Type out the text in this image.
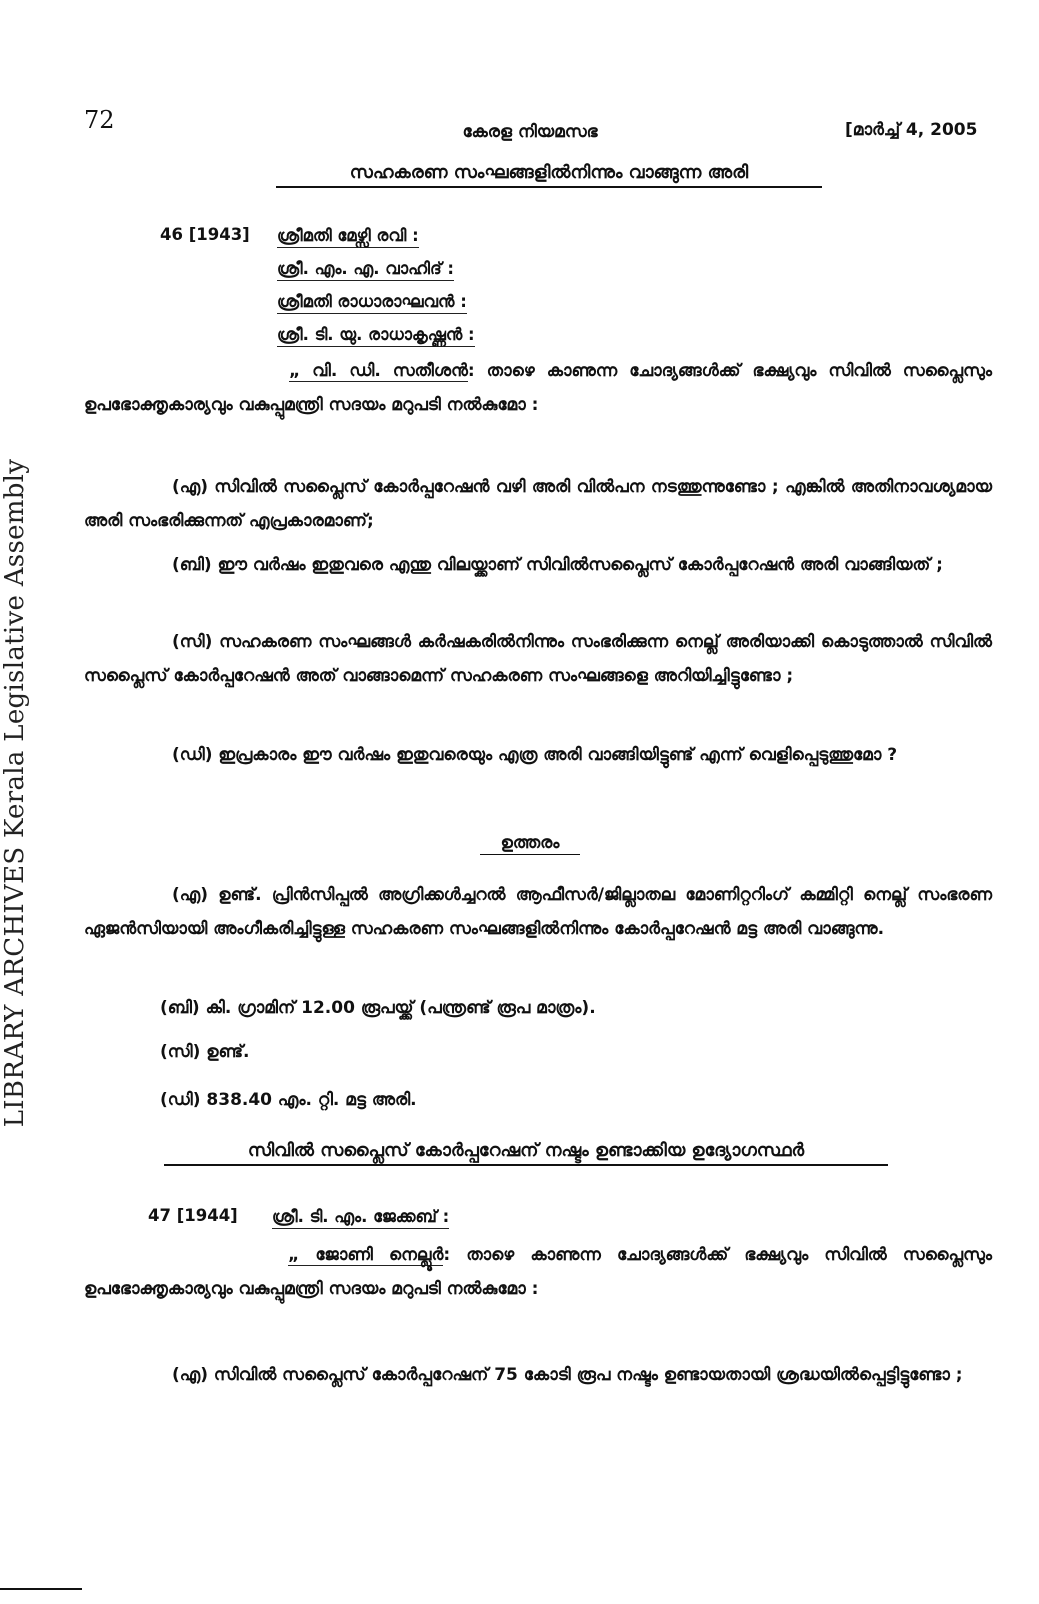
LIBRARY ARCHIVES Kerala Legislative Assembly
72	കേരള നിയമസഭ	[മാർച്ച് 4, 2005
സഹകരണ സംഘങ്ങളിൽനിന്നും വാങ്ങുന്ന അരി
46 [1943] ശ്രീമതി മേഴ്സി രവി :
ശ്രീ. എം. എ. വാഹിദ് :
ശ്രീമതി രാധാരാഘവൻ :
ശ്രീ. ടി. യു. രാധാകൃഷ്ണൻ :
„ വി. ഡി. സതീശൻ: താഴെ കാണുന്ന ചോദ്യങ്ങൾക്ക് ഭക്ഷ്യവും സിവിൽ സപ്ലൈസും ഉപഭോക്തൃകാര്യവും വകുപ്പുമന്ത്രി സദയം മറുപടി നൽകുമോ :
(എ) സിവിൽ സപ്ലൈസ് കോർപ്പറേഷൻ വഴി അരി വിൽപന നടത്തുന്നുണ്ടോ ; എങ്കിൽ അതിനാവശ്യമായ അരി സംഭരിക്കുന്നത് എപ്രകാരമാണ്;
(ബി) ഈ വർഷം ഇതുവരെ എന്തു വിലയ്ക്കാണ് സിവിൽസപ്ലൈസ് കോർപ്പറേഷൻ അരി വാങ്ങിയത് ;
(സി) സഹകരണ സംഘങ്ങൾ കർഷകരിൽനിന്നും സംഭരിക്കുന്ന നെല്ല് അരിയാക്കി കൊടുത്താൽ സിവിൽ സപ്ലൈസ് കോർപ്പറേഷൻ അത് വാങ്ങാമെന്ന് സഹകരണ സംഘങ്ങളെ അറിയിച്ചിട്ടുണ്ടോ ;
(ഡി) ഇപ്രകാരം ഈ വർഷം ഇതുവരെയും എത്ര അരി വാങ്ങിയിട്ടുണ്ട് എന്ന് വെളിപ്പെടുത്തുമോ ?
ഉത്തരം
(എ) ഉണ്ട്. പ്രിൻസിപ്പൽ അഗ്രിക്കൾച്ചറൽ ആഫീസർ/ജില്ലാതല മോണിറ്ററിംഗ് കമ്മിറ്റി നെല്ല് സംഭരണ ഏജൻസിയായി അംഗീകരിച്ചിട്ടുള്ള സഹകരണ സംഘങ്ങളിൽനിന്നും കോർപ്പറേഷൻ മട്ട അരി വാങ്ങുന്നു.
(ബി) കി. ഗ്രാമിന് 12.00 രൂപയ്ക്ക് (പന്ത്രണ്ട് രൂപ മാത്രം).
(സി) ഉണ്ട്.
(ഡി) 838.40 എം. റ്റി. മട്ട അരി.
സിവിൽ സപ്ലൈസ് കോർപ്പറേഷന് നഷ്ടം ഉണ്ടാക്കിയ ഉദ്യോഗസ്ഥർ
47 [1944] ശ്രീ. ടി. എം. ജേക്കബ് :
„ ജോണി നെല്ലൂർ: താഴെ കാണുന്ന ചോദ്യങ്ങൾക്ക് ഭക്ഷ്യവും സിവിൽ സപ്ലൈസും ഉപഭോക്തൃകാര്യവും വകുപ്പുമന്ത്രി സദയം മറുപടി നൽകുമോ :
(എ) സിവിൽ സപ്ലൈസ് കോർപ്പറേഷന് 75 കോടി രൂപ നഷ്ടം ഉണ്ടായതായി ശ്രദ്ധയിൽപ്പെട്ടിട്ടുണ്ടോ ;
